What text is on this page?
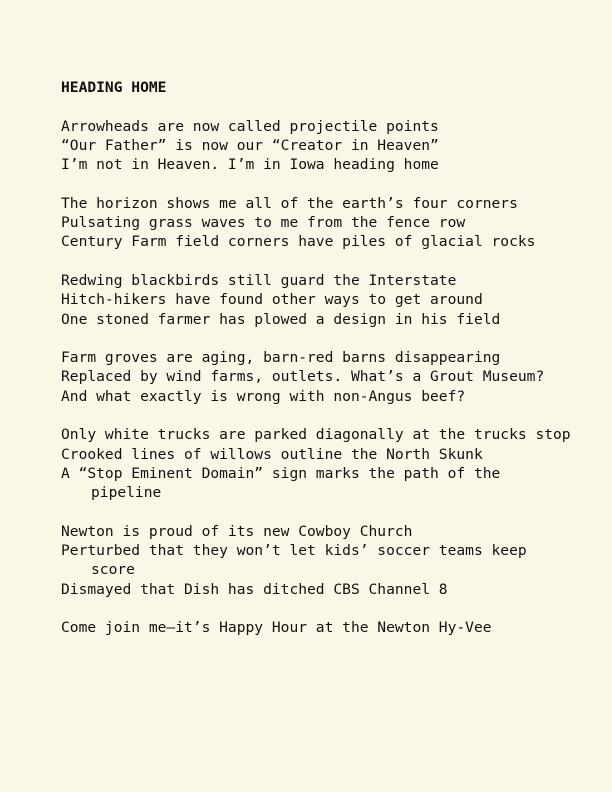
HEADING HOME
Arrowheads are now called projectile points
“Our Father” is now our “Creator in Heaven”
I’m not in Heaven. I’m in Iowa heading home
The horizon shows me all of the earth’s four corners
Pulsating grass waves to me from the fence row
Century Farm field corners have piles of glacial rocks
Redwing blackbirds still guard the Interstate
Hitch-hikers have found other ways to get around
One stoned farmer has plowed a design in his field
Farm groves are aging, barn-red barns disappearing
Replaced by wind farms, outlets. What’s a Grout Museum?
And what exactly is wrong with non-Angus beef?
Only white trucks are parked diagonally at the trucks stop
Crooked lines of willows outline the North Skunk
A “Stop Eminent Domain” sign marks the path of the pipeline
Newton is proud of its new Cowboy Church
Perturbed that they won’t let kids’ soccer teams keep score
Dismayed that Dish has ditched CBS Channel 8
Come join me—it’s Happy Hour at the Newton Hy-Vee
